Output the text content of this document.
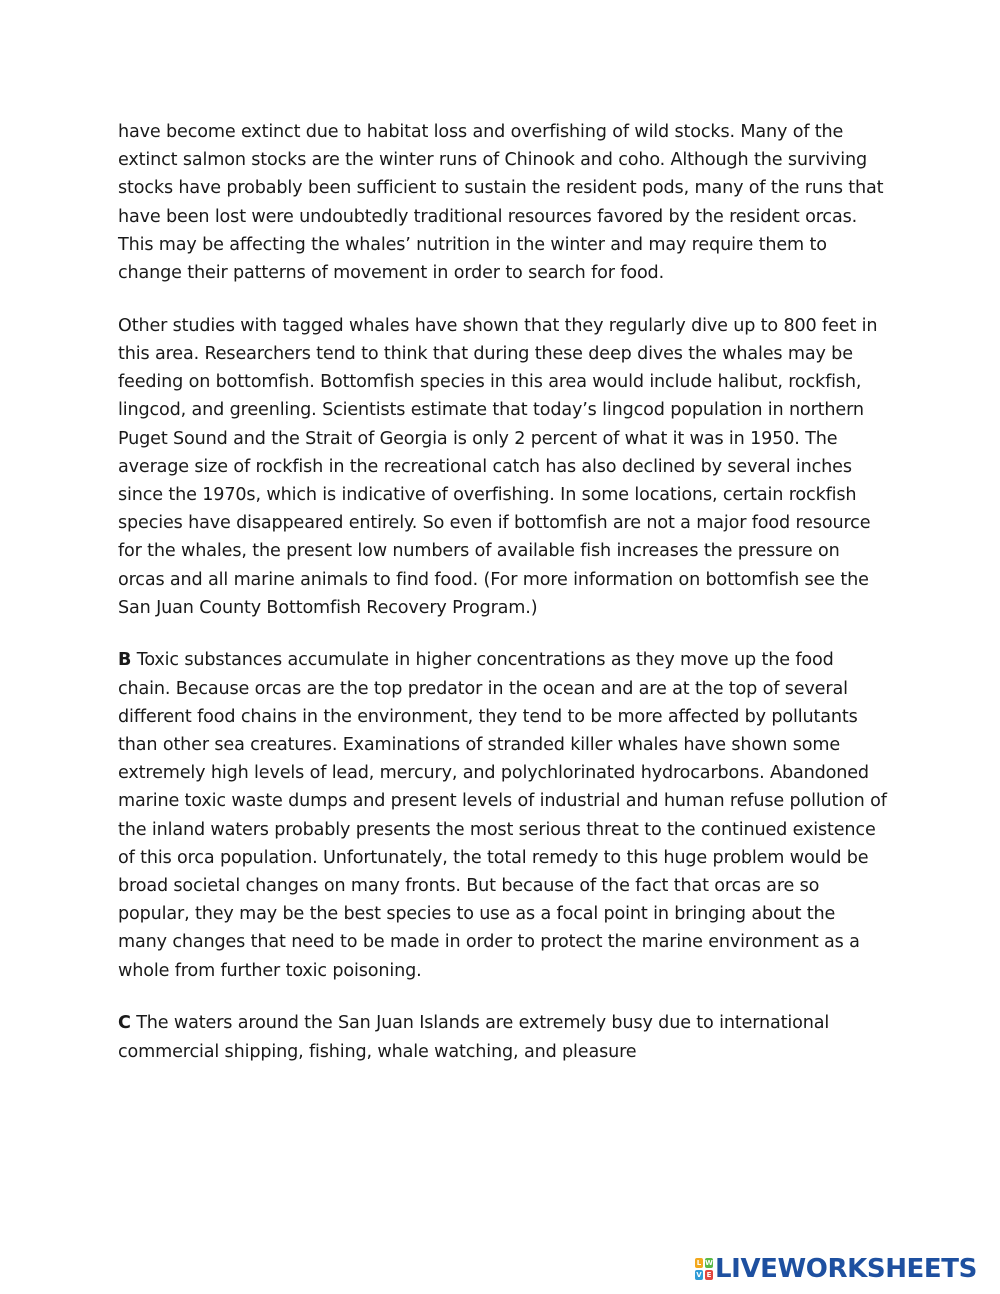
have become extinct due to habitat loss and overfishing of wild stocks. Many of the extinct salmon stocks are the winter runs of Chinook and coho. Although the surviving stocks have probably been sufficient to sustain the resident pods, many of the runs that have been lost were undoubtedly traditional resources favored by the resident orcas. This may be affecting the whales’ nutrition in the winter and may require them to change their patterns of movement in order to search for food.

Other studies with tagged whales have shown that they regularly dive up to 800 feet in this area. Researchers tend to think that during these deep dives the whales may be feeding on bottomfish. Bottomfish species in this area would include halibut, rockfish, lingcod, and greenling. Scientists estimate that today’s lingcod population in northern Puget Sound and the Strait of Georgia is only 2 percent of what it was in 1950. The average size of rockfish in the recreational catch has also declined by several inches since the 1970s, which is indicative of overfishing. In some locations, certain rockfish species have disappeared entirely. So even if bottomfish are not a major food resource for the whales, the present low numbers of available fish increases the pressure on orcas and all marine animals to find food. (For more information on bottomfish see the San Juan County Bottomfish Recovery Program.)

B Toxic substances accumulate in higher concentrations as they move up the food chain. Because orcas are the top predator in the ocean and are at the top of several different food chains in the environment, they tend to be more affected by pollutants than other sea creatures. Examinations of stranded killer whales have shown some extremely high levels of lead, mercury, and polychlorinated hydrocarbons. Abandoned marine toxic waste dumps and present levels of industrial and human refuse pollution of the inland waters probably presents the most serious threat to the continued existence of this orca population. Unfortunately, the total remedy to this huge problem would be broad societal changes on many fronts. But because of the fact that orcas are so popular, they may be the best species to use as a focal point in bringing about the many changes that need to be made in order to protect the marine environment as a whole from further toxic poisoning.

C The waters around the San Juan Islands are extremely busy due to international commercial shipping, fishing, whale watching, and pleasure

L W
V E LIVEWORKSHEETS
